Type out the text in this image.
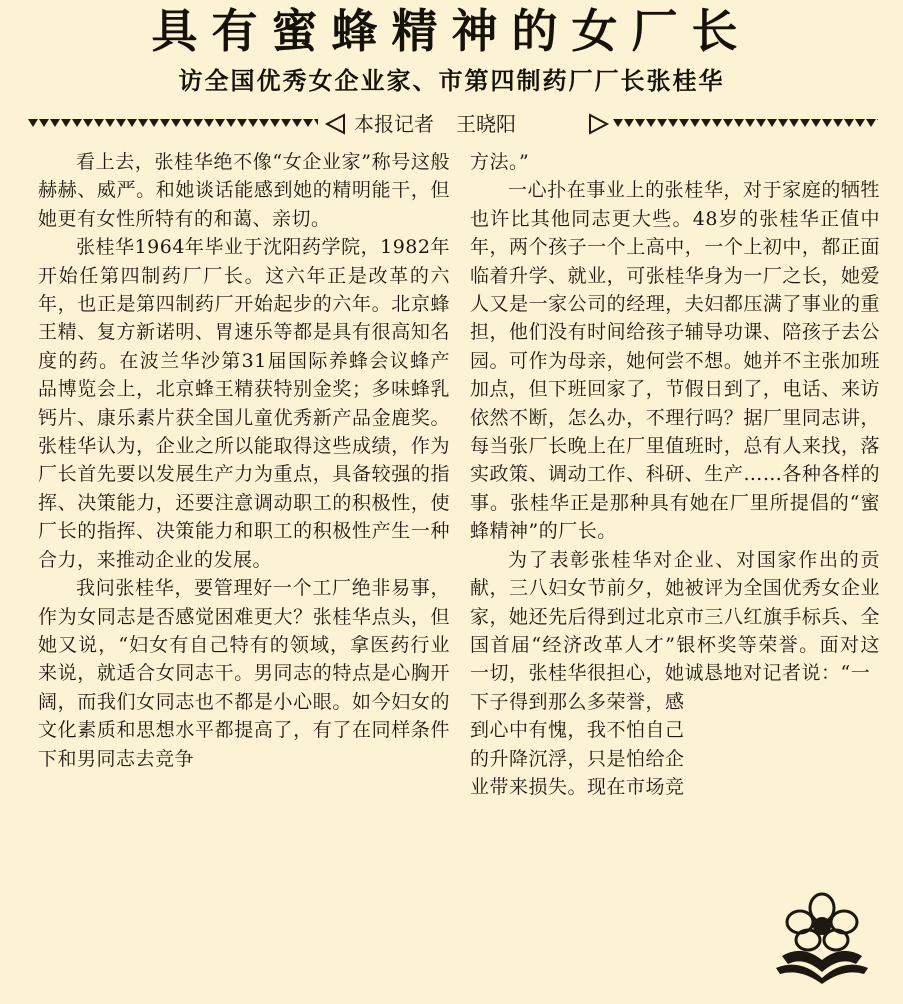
具有蜜蜂精神的女厂长
访全国优秀女企业家、市第四制药厂厂长张桂华
本报记者 王晓阳

看上去，张桂华绝不像“女企业家”称号这般赫赫、威严。和她谈话能感到她的精明能干，但她更有女性所特有的和蔼、亲切。

张桂华1964年毕业于沈阳药学院，1982年开始任第四制药厂厂长。这六年正是改革的六年，也正是第四制药厂开始起步的六年。北京蜂王精、复方新诺明、胃速乐等都是具有很高知名度的药。在波兰华沙第31届国际养蜂会议蜂产品博览会上，北京蜂王精获特别金奖；多味蜂乳钙片、康乐素片获全国儿童优秀新产品金鹿奖。张桂华认为，企业之所以能取得这些成绩，作为厂长首先要以发展生产力为重点，具备较强的指挥、决策能力，还要注意调动职工的积极性，使厂长的指挥、决策能力和职工的积极性产生一种合力，来推动企业的发展。

我问张桂华，要管理好一个工厂绝非易事，作为女同志是否感觉困难更大？张桂华点头，但她又说，“妇女有自己特有的领域，拿医药行业来说，就适合女同志干。男同志的特点是心胸开阔，而我们女同志也不都是小心眼。如今妇女的文化素质和思想水平都提高了，有了在同样条件下和男同志去竞争

方法。”

一心扑在事业上的张桂华，对于家庭的牺牲也许比其他同志更大些。48岁的张桂华正值中年，两个孩子一个上高中，一个上初中，都正面临着升学、就业，可张桂华身为一厂之长，她爱人又是一家公司的经理，夫妇都压满了事业的重担，他们没有时间给孩子辅导功课、陪孩子去公园。可作为母亲，她何尝不想。她并不主张加班加点，但下班回家了，节假日到了，电话、来访依然不断，怎么办，不理行吗？据厂里同志讲，每当张厂长晚上在厂里值班时，总有人来找，落实政策、调动工作、科研、生产……各种各样的事。张桂华正是那种具有她在厂里所提倡的“蜜蜂精神”的厂长。

为了表彰张桂华对企业、对国家作出的贡献，三八妇女节前夕，她被评为全国优秀女企业家，她还先后得到过北京市三八红旗手标兵、全国首届“经济改革人才”银杯奖等荣誉。面对这一切，张桂华很担心，她诚恳地对记者说：“一

下子得到那么多荣誉，感
到心中有愧，我不怕自己
的升降沉浮，只是怕给企
业带来损失。现在市场竞
